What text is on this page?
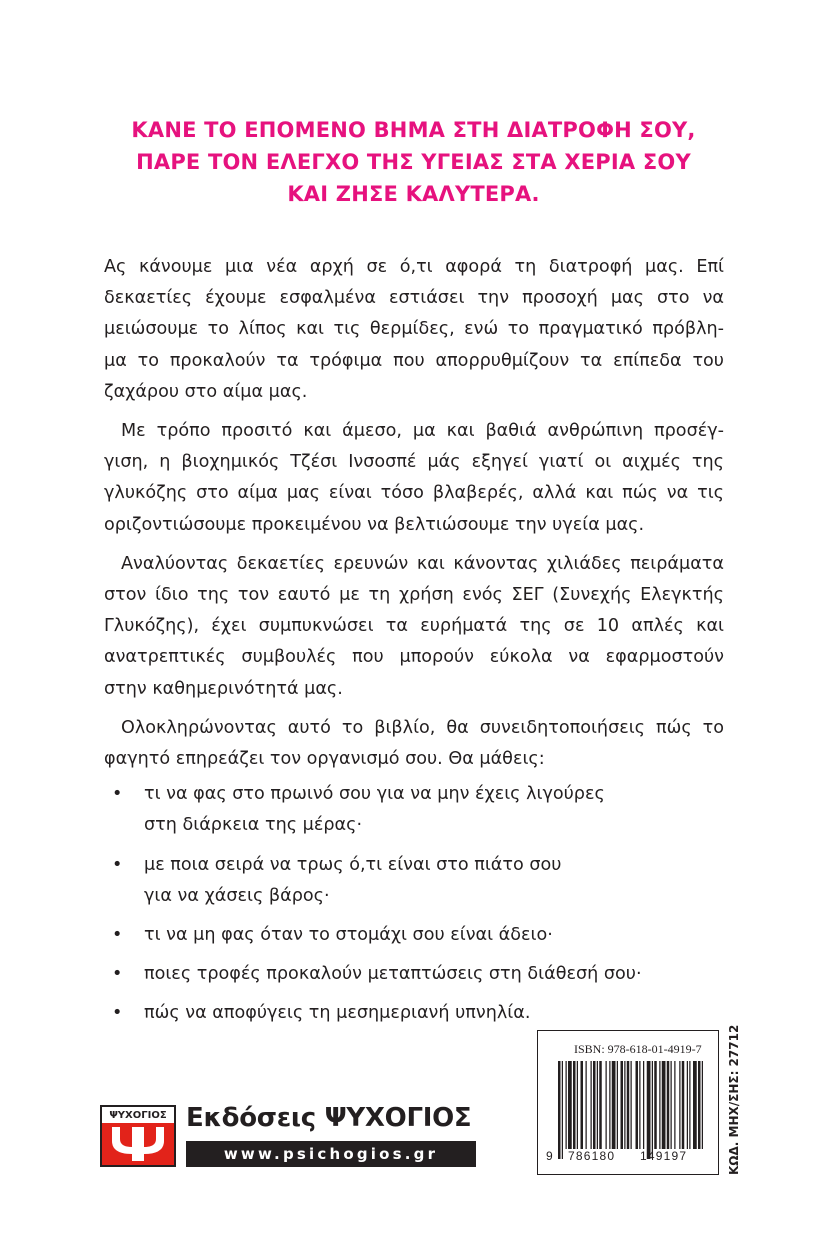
ΚΑΝΕ ΤΟ ΕΠΟΜΕΝΟ ΒΗΜΑ ΣΤΗ ΔΙΑΤΡΟΦΗ ΣΟΥ,
ΠΑΡΕ ΤΟΝ ΕΛΕΓΧΟ ΤΗΣ ΥΓΕΙΑΣ ΣΤΑ ΧΕΡΙΑ ΣΟΥ
ΚΑΙ ΖΗΣΕ ΚΑΛΥΤΕΡΑ.

Ας κάνουμε μια νέα αρχή σε ό,τι αφορά τη διατροφή μας. Επί
δεκαετίες έχουμε εσφαλμένα εστιάσει την προσοχή μας στο να
μειώσουμε το λίπος και τις θερμίδες, ενώ το πραγματικό πρόβλη-
μα το προκαλούν τα τρόφιμα που απορρυθμίζουν τα επίπεδα του
ζαχάρου στο αίμα μας.

Με τρόπο προσιτό και άμεσο, μα και βαθιά ανθρώπινη προσέγ-
γιση, η βιοχημικός Τζέσι Ινσοσπέ μάς εξηγεί γιατί οι αιχμές της
γλυκόζης στο αίμα μας είναι τόσο βλαβερές, αλλά και πώς να τις
οριζοντιώσουμε προκειμένου να βελτιώσουμε την υγεία μας.

Αναλύοντας δεκαετίες ερευνών και κάνοντας χιλιάδες πειράματα
στον ίδιο της τον εαυτό με τη χρήση ενός ΣΕΓ (Συνεχής Ελεγκτής
Γλυκόζης), έχει συμπυκνώσει τα ευρήματά της σε 10 απλές και
ανατρεπτικές συμβουλές που μπορούν εύκολα να εφαρμοστούν
στην καθημερινότητά μας.

Ολοκληρώνοντας αυτό το βιβλίο, θα συνειδητοποιήσεις πώς το
φαγητό επηρεάζει τον οργανισμό σου. Θα μάθεις:

• τι να φας στο πρωινό σου για να μην έχεις λιγούρες
στη διάρκεια της μέρας·
• με ποια σειρά να τρως ό,τι είναι στο πιάτο σου
για να χάσεις βάρος·
• τι να μη φας όταν το στομάχι σου είναι άδειο·
• ποιες τροφές προκαλούν μεταπτώσεις στη διάθεσή σου·
• πώς να αποφύγεις τη μεσημεριανή υπνηλία.
ΨΥΧΟΓΙΟΣ Εκδόσεις ΨΥΧΟΓΙΟΣ
www.psichogios.gr
ISBN: 978-618-01-4919-7
9 786180 149197	ΚΩΔ. ΜΗΧ/ΣΗΣ: 27712
